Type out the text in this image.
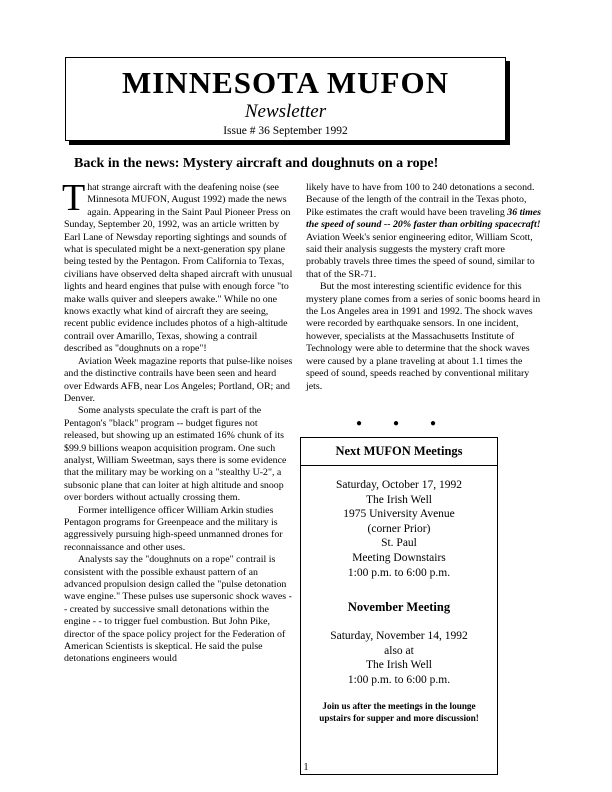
MINNESOTA MUFON
Newsletter
Issue # 36 September 1992
Back in the news: Mystery aircraft and doughnuts on a rope!

That strange aircraft with the deafening noise (see Minnesota MUFON, August 1992) made the news again. Appearing in the Saint Paul Pioneer Press on Sunday, September 20, 1992, was an article written by Earl Lane of Newsday reporting sightings and sounds of what is speculated might be a next-generation spy plane being tested by the Pentagon. From California to Texas, civilians have observed delta shaped aircraft with unusual lights and heard engines that pulse with enough force "to make walls quiver and sleepers awake." While no one knows exactly what kind of aircraft they are seeing, recent public evidence includes photos of a high-altitude contrail over Amarillo, Texas, showing a contrail described as "doughnuts on a rope"!

Aviation Week magazine reports that pulse-like noises and the distinctive contrails have been seen and heard over Edwards AFB, near Los Angeles; Portland, OR; and Denver.

Some analysts speculate the craft is part of the Pentagon's "black" program -- budget figures not released, but showing up an estimated 16% chunk of its $99.9 billions weapon acquisition program. One such analyst, William Sweetman, says there is some evidence that the military may be working on a "stealthy U-2", a subsonic plane that can loiter at high altitude and snoop over borders without actually crossing them.

Former intelligence officer William Arkin studies Pentagon programs for Greenpeace and the military is aggressively pursuing high-speed unmanned drones for reconnaissance and other uses.

Analysts say the "doughnuts on a rope" contrail is consistent with the possible exhaust pattern of an advanced propulsion design called the "pulse detonation wave engine." These pulses use supersonic shock waves -- created by successive small detonations within the engine - - to trigger fuel combustion. But John Pike, director of the space policy project for the Federation of American Scientists is skeptical. He said the pulse detonations engineers would

likely have to have from 100 to 240 detonations a second. Because of the length of the contrail in the Texas photo, Pike estimates the craft would have been traveling 36 times the speed of sound -- 20% faster than orbiting spacecraft! Aviation Week's senior engineering editor, William Scott, said their analysis suggests the mystery craft more probably travels three times the speed of sound, similar to that of the SR-71.

But the most interesting scientific evidence for this mystery plane comes from a series of sonic booms heard in the Los Angeles area in 1991 and 1992. The shock waves were recorded by earthquake sensors. In one incident, however, specialists at the Massachusetts Institute of Technology were able to determine that the shock waves were caused by a plane traveling at about 1.1 times the speed of sound, speeds reached by conventional military jets.

●	●	●
Next MUFON Meetings
Saturday, October 17, 1992
The Irish Well
1975 University Avenue
(corner Prior)
St. Paul
Meeting Downstairs
1:00 p.m. to 6:00 p.m.
November Meeting
Saturday, November 14, 1992
also at
The Irish Well
1:00 p.m. to 6:00 p.m.
Join us after the meetings in the lounge upstairs for supper and more discussion!
1
